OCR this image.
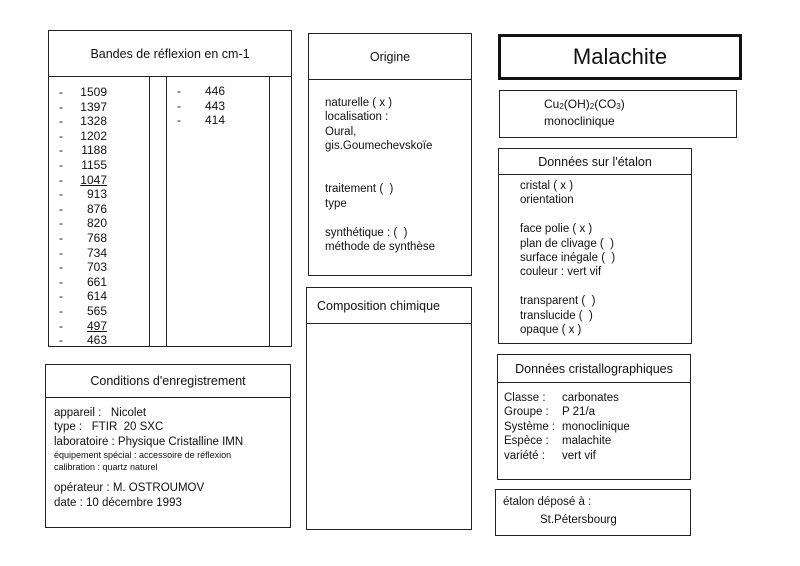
Bandes de réflexion en cm-1
- 1509
- 1397
- 1328
- 1202
- 1188
- 1155
- 1047
- 913
- 876
- 820
- 768
- 734
- 703
- 661
- 614
- 565
- 497
- 463
- 446
- 443
- 414
Origine
naturelle ( x )
localisation :
Oural,
gis.Goumechevskoïe
traitement (  )
type
synthétique : (  )
méthode de synthèse
Composition chimique
Malachite
Cu2(OH)2(CO3)
monoclinique
Données sur l'étalon
cristal ( x )
orientation
face polie ( x )
plan de clivage (  )
surface inégale (  )
couleur : vert vif
transparent (  )
translucide (  )
opaque ( x )
Données cristallographiques
Classe : carbonates
Groupe : P 21/a
Système : monoclinique
Espèce : malachite
variété : vert vif
étalon déposé à :
St.Pétersbourg
Conditions d'enregistrement
appareil :   Nicolet
type :   FTIR  20 SXC
laboratoire : Physique Cristalline IMN
équipement spécial : accessoire de réflexion
calibration : quartz naturel
opérateur : M. OSTROUMOV
date : 10 décembre 1993
